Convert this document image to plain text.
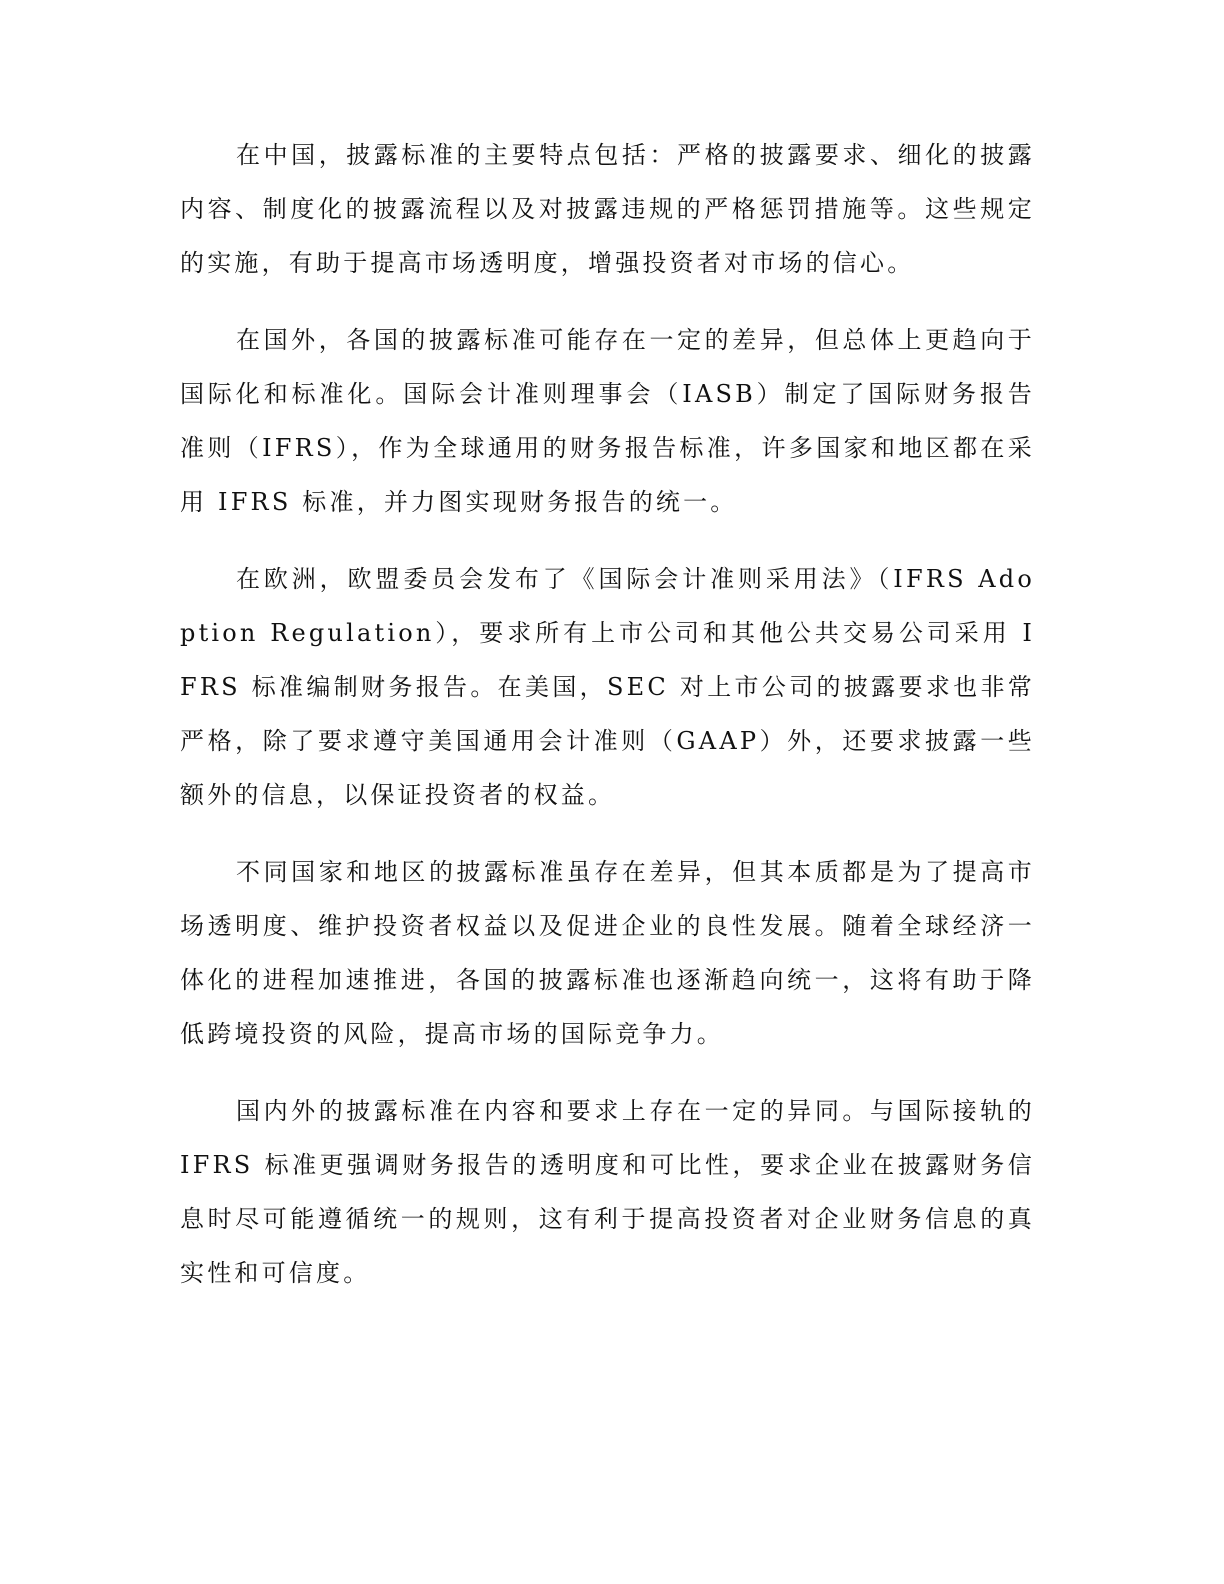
在中国，披露标准的主要特点包括：严格的披露要求、细化的披露内容、制度化的披露流程以及对披露违规的严格惩罚措施等。这些规定的实施，有助于提高市场透明度，增强投资者对市场的信心。

在国外，各国的披露标准可能存在一定的差异，但总体上更趋向于国际化和标准化。国际会计准则理事会（IASB）制定了国际财务报告准则（IFRS），作为全球通用的财务报告标准，许多国家和地区都在采用 IFRS 标准，并力图实现财务报告的统一。

在欧洲，欧盟委员会发布了《国际会计准则采用法》（IFRS Adoption Regulation），要求所有上市公司和其他公共交易公司采用 IFRS 标准编制财务报告。在美国，SEC 对上市公司的披露要求也非常严格，除了要求遵守美国通用会计准则（GAAP）外，还要求披露一些额外的信息，以保证投资者的权益。

不同国家和地区的披露标准虽存在差异，但其本质都是为了提高市场透明度、维护投资者权益以及促进企业的良性发展。随着全球经济一体化的进程加速推进，各国的披露标准也逐渐趋向统一，这将有助于降低跨境投资的风险，提高市场的国际竞争力。

国内外的披露标准在内容和要求上存在一定的异同。与国际接轨的 IFRS 标准更强调财务报告的透明度和可比性，要求企业在披露财务信息时尽可能遵循统一的规则，这有利于提高投资者对企业财务信息的真实性和可信度。
